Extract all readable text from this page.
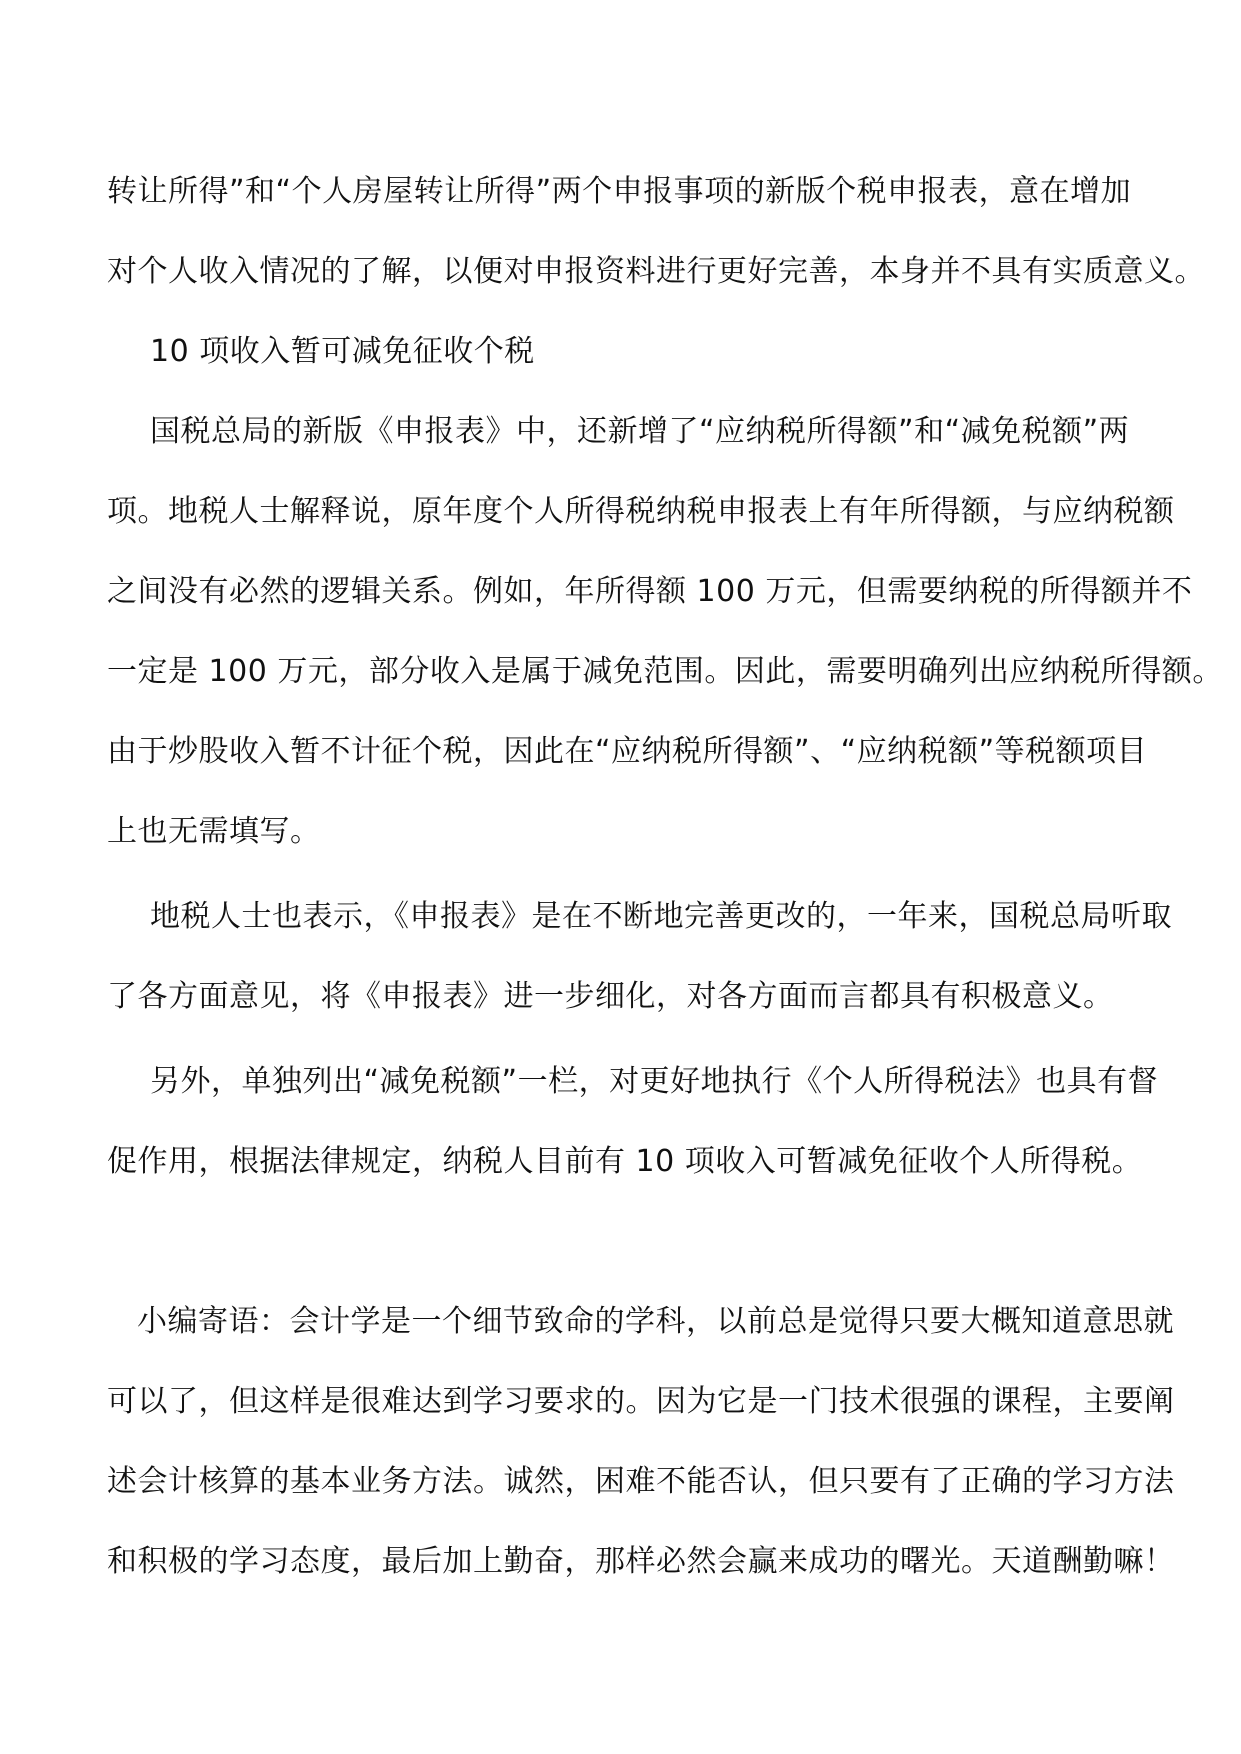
转让所得”和“个人房屋转让所得”两个申报事项的新版个税申报表，意在增加
对个人收入情况的了解，以便对申报资料进行更好完善，本身并不具有实质意义。
10 项收入暂可减免征收个税
国税总局的新版《申报表》中，还新增了“应纳税所得额”和“减免税额”两
项。地税人士解释说，原年度个人所得税纳税申报表上有年所得额，与应纳税额
之间没有必然的逻辑关系。例如，年所得额 100 万元，但需要纳税的所得额并不
一定是 100 万元，部分收入是属于减免范围。因此，需要明确列出应纳税所得额。
由于炒股收入暂不计征个税，因此在“应纳税所得额”、“应纳税额”等税额项目
上也无需填写。
地税人士也表示，《申报表》是在不断地完善更改的，一年来，国税总局听取
了各方面意见，将《申报表》进一步细化，对各方面而言都具有积极意义。
另外，单独列出“减免税额”一栏，对更好地执行《个人所得税法》也具有督
促作用，根据法律规定，纳税人目前有 10 项收入可暂减免征收个人所得税。
小编寄语：会计学是一个细节致命的学科，以前总是觉得只要大概知道意思就
可以了，但这样是很难达到学习要求的。因为它是一门技术很强的课程，主要阐
述会计核算的基本业务方法。诚然，困难不能否认，但只要有了正确的学习方法
和积极的学习态度，最后加上勤奋，那样必然会赢来成功的曙光。天道酬勤嘛！
